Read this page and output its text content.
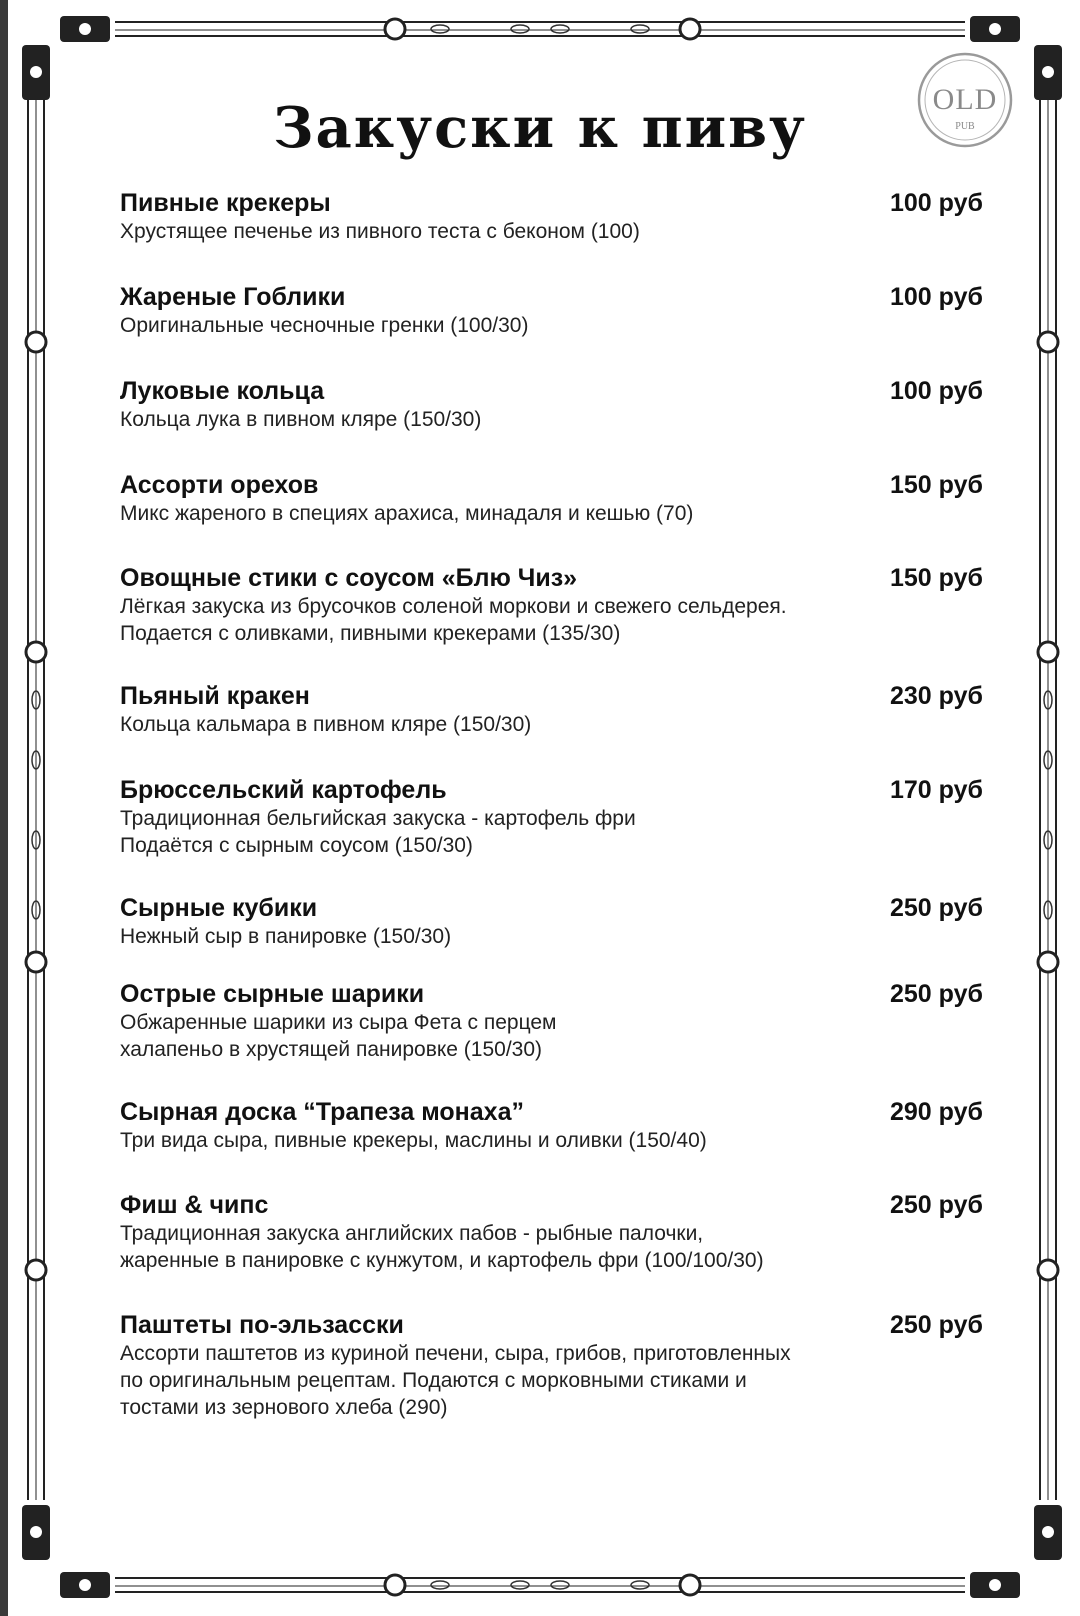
OLD
PUB
Закуски к пиву
Пивные крекеры
Хрустящее печенье из пивного теста с беконом (100)
100 руб
Жареные Гоблики
Оригинальные чесночные гренки (100/30)
100 руб
Луковые кольца
Кольца лука в пивном кляре (150/30)
100 руб
Ассорти орехов
Микс жареного в специях арахиса, минадаля и кешью (70)
150 руб
Овощные стики с соусом «Блю Чиз»
Лёгкая закуска из брусочков соленой моркови и свежего сельдерея.
Подается с оливками, пивными крекерами (135/30)
150 руб
Пьяный кракен
Кольца кальмара в пивном кляре (150/30)
230 руб
Брюссельский картофель
Традиционная бельгийская закуска - картофель фри
Подаётся с сырным соусом (150/30)
170 руб
Сырные кубики
Нежный сыр в панировке (150/30)
250 руб
Острые сырные шарики
Обжаренные шарики из сыра Фета с перцем
халапеньо в хрустящей панировке (150/30)
250 руб
Сырная доска “Трапеза монаха”
Три вида сыра, пивные крекеры, маслины и оливки (150/40)
290 руб
Фиш & чипс
Традиционная закуска английских пабов - рыбные палочки,
жаренные в панировке с кунжутом, и картофель фри (100/100/30)
250 руб
Паштеты по-эльзасски
Ассорти паштетов из куриной печени, сыра, грибов, приготовленных
по оригинальным рецептам. Подаются с морковными стиками и
тостами из зернового хлеба (290)
250 руб
